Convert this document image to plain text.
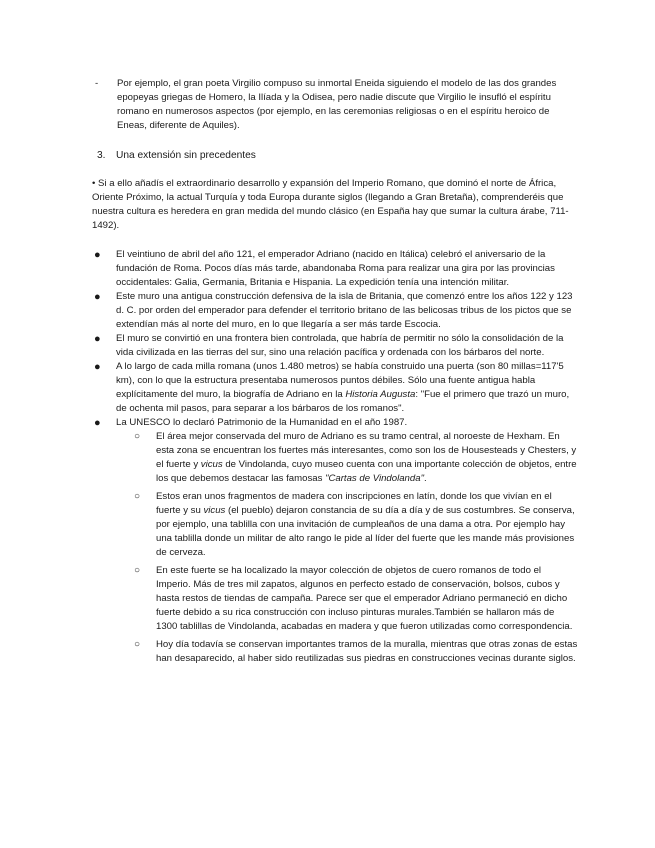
- Por ejemplo, el gran poeta Virgilio compuso su inmortal Eneida siguiendo el modelo de las dos grandes epopeyas griegas de Homero, la Ilíada y la Odisea, pero nadie discute que Virgilio le insufló el espíritu romano en numerosos aspectos (por ejemplo, en las ceremonias religiosas o en el espíritu heroico de Eneas, diferente de Aquiles).
3. Una extensión sin precedentes
• Si a ello añadís el extraordinario desarrollo y expansión del Imperio Romano, que dominó el norte de África, Oriente Próximo, la actual Turquía y toda Europa durante siglos (llegando a Gran Bretaña), comprenderéis que nuestra cultura es heredera en gran medida del mundo clásico (en España hay que sumar la cultura árabe, 711-1492).
● El veintiuno de abril del año 121, el emperador Adriano (nacido en Itálica) celebró el aniversario de la fundación de Roma. Pocos días más tarde, abandonaba Roma para realizar una gira por las provincias occidentales: Galia, Germania, Britania e Hispania. La expedición tenía una intención militar.
● Este muro una antigua construcción defensiva de la isla de Britania, que comenzó entre los años 122 y 123 d. C. por orden del emperador para defender el territorio britano de las belicosas tribus de los pictos que se extendían más al norte del muro, en lo que llegaría a ser más tarde Escocia.
● El muro se convirtió en una frontera bien controlada, que habría de permitir no sólo la consolidación de la vida civilizada en las tierras del sur, sino una relación pacífica y ordenada con los bárbaros del norte.
● A lo largo de cada milla romana (unos 1.480 metros) se había construido una puerta (son 80 millas=117'5 km), con lo que la estructura presentaba numerosos puntos débiles. Sólo una fuente antigua habla explícitamente del muro, la biografía de Adriano en la Historia Augusta: "Fue el primero que trazó un muro, de ochenta mil pasos, para separar a los bárbaros de los romanos".
● La UNESCO lo declaró Patrimonio de la Humanidad en el año 1987.
○ El área mejor conservada del muro de Adriano es su tramo central, al noroeste de Hexham. En esta zona se encuentran los fuertes más interesantes, como son los de Housesteads y Chesters, y el fuerte y vicus de Vindolanda, cuyo museo cuenta con una importante colección de objetos, entre los que debemos destacar las famosas "Cartas de Vindolanda".
○ Estos eran unos fragmentos de madera con inscripciones en latín, donde los que vivían en el fuerte y su vicus (el pueblo) dejaron constancia de su día a día y de sus costumbres. Se conserva, por ejemplo, una tablilla con una invitación de cumpleaños de una dama a otra. Por ejemplo hay una tablilla donde un militar de alto rango le pide al líder del fuerte que les mande más provisiones de cerveza.
○ En este fuerte se ha localizado la mayor colección de objetos de cuero romanos de todo el Imperio. Más de tres mil zapatos, algunos en perfecto estado de conservación, bolsos, cubos y hasta restos de tiendas de campaña. Parece ser que el emperador Adriano permaneció en dicho fuerte debido a su rica construcción con incluso pinturas murales.También se hallaron más de 1300 tablillas de Vindolanda, acabadas en madera y que fueron utilizadas como correspondencia.
○ Hoy día todavía se conservan importantes tramos de la muralla, mientras que otras zonas de estas han desaparecido, al haber sido reutilizadas sus piedras en construcciones vecinas durante siglos.
